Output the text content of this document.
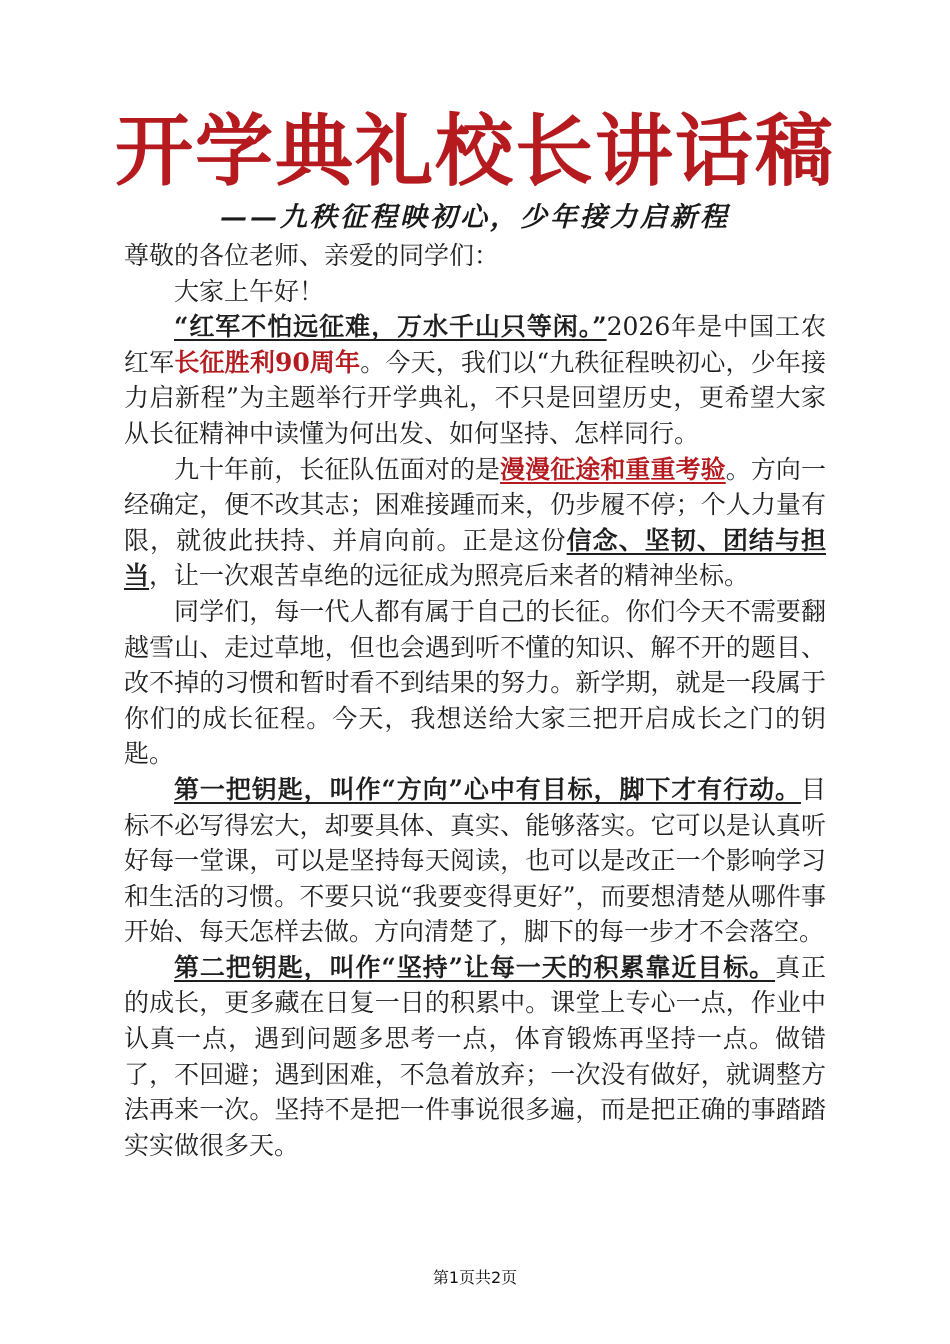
开学典礼校长讲话稿
——九秩征程映初心，少年接力启新程

尊敬的各位老师、亲爱的同学们：

大家上午好！

“红军不怕远征难，万水千山只等闲。”2026年是中国工农红军长征胜利90周年。今天，我们以“九秩征程映初心，少年接力启新程”为主题举行开学典礼，不只是回望历史，更希望大家从长征精神中读懂为何出发、如何坚持、怎样同行。

九十年前，长征队伍面对的是漫漫征途和重重考验。方向一经确定，便不改其志；困难接踵而来，仍步履不停；个人力量有限，就彼此扶持、并肩向前。正是这份信念、坚韧、团结与担当，让一次艰苦卓绝的远征成为照亮后来者的精神坐标。

同学们，每一代人都有属于自己的长征。你们今天不需要翻越雪山、走过草地，但也会遇到听不懂的知识、解不开的题目、改不掉的习惯和暂时看不到结果的努力。新学期，就是一段属于你们的成长征程。今天，我想送给大家三把开启成长之门的钥匙。

第一把钥匙，叫作“方向”心中有目标，脚下才有行动。目标不必写得宏大，却要具体、真实、能够落实。它可以是认真听好每一堂课，可以是坚持每天阅读，也可以是改正一个影响学习和生活的习惯。不要只说“我要变得更好”，而要想清楚从哪件事开始、每天怎样去做。方向清楚了，脚下的每一步才不会落空。

第二把钥匙，叫作“坚持”让每一天的积累靠近目标。真正的成长，更多藏在日复一日的积累中。课堂上专心一点，作业中认真一点，遇到问题多思考一点，体育锻炼再坚持一点。做错了，不回避；遇到困难，不急着放弃；一次没有做好，就调整方法再来一次。坚持不是把一件事说很多遍，而是把正确的事踏踏实实做很多天。

第1页共2页
